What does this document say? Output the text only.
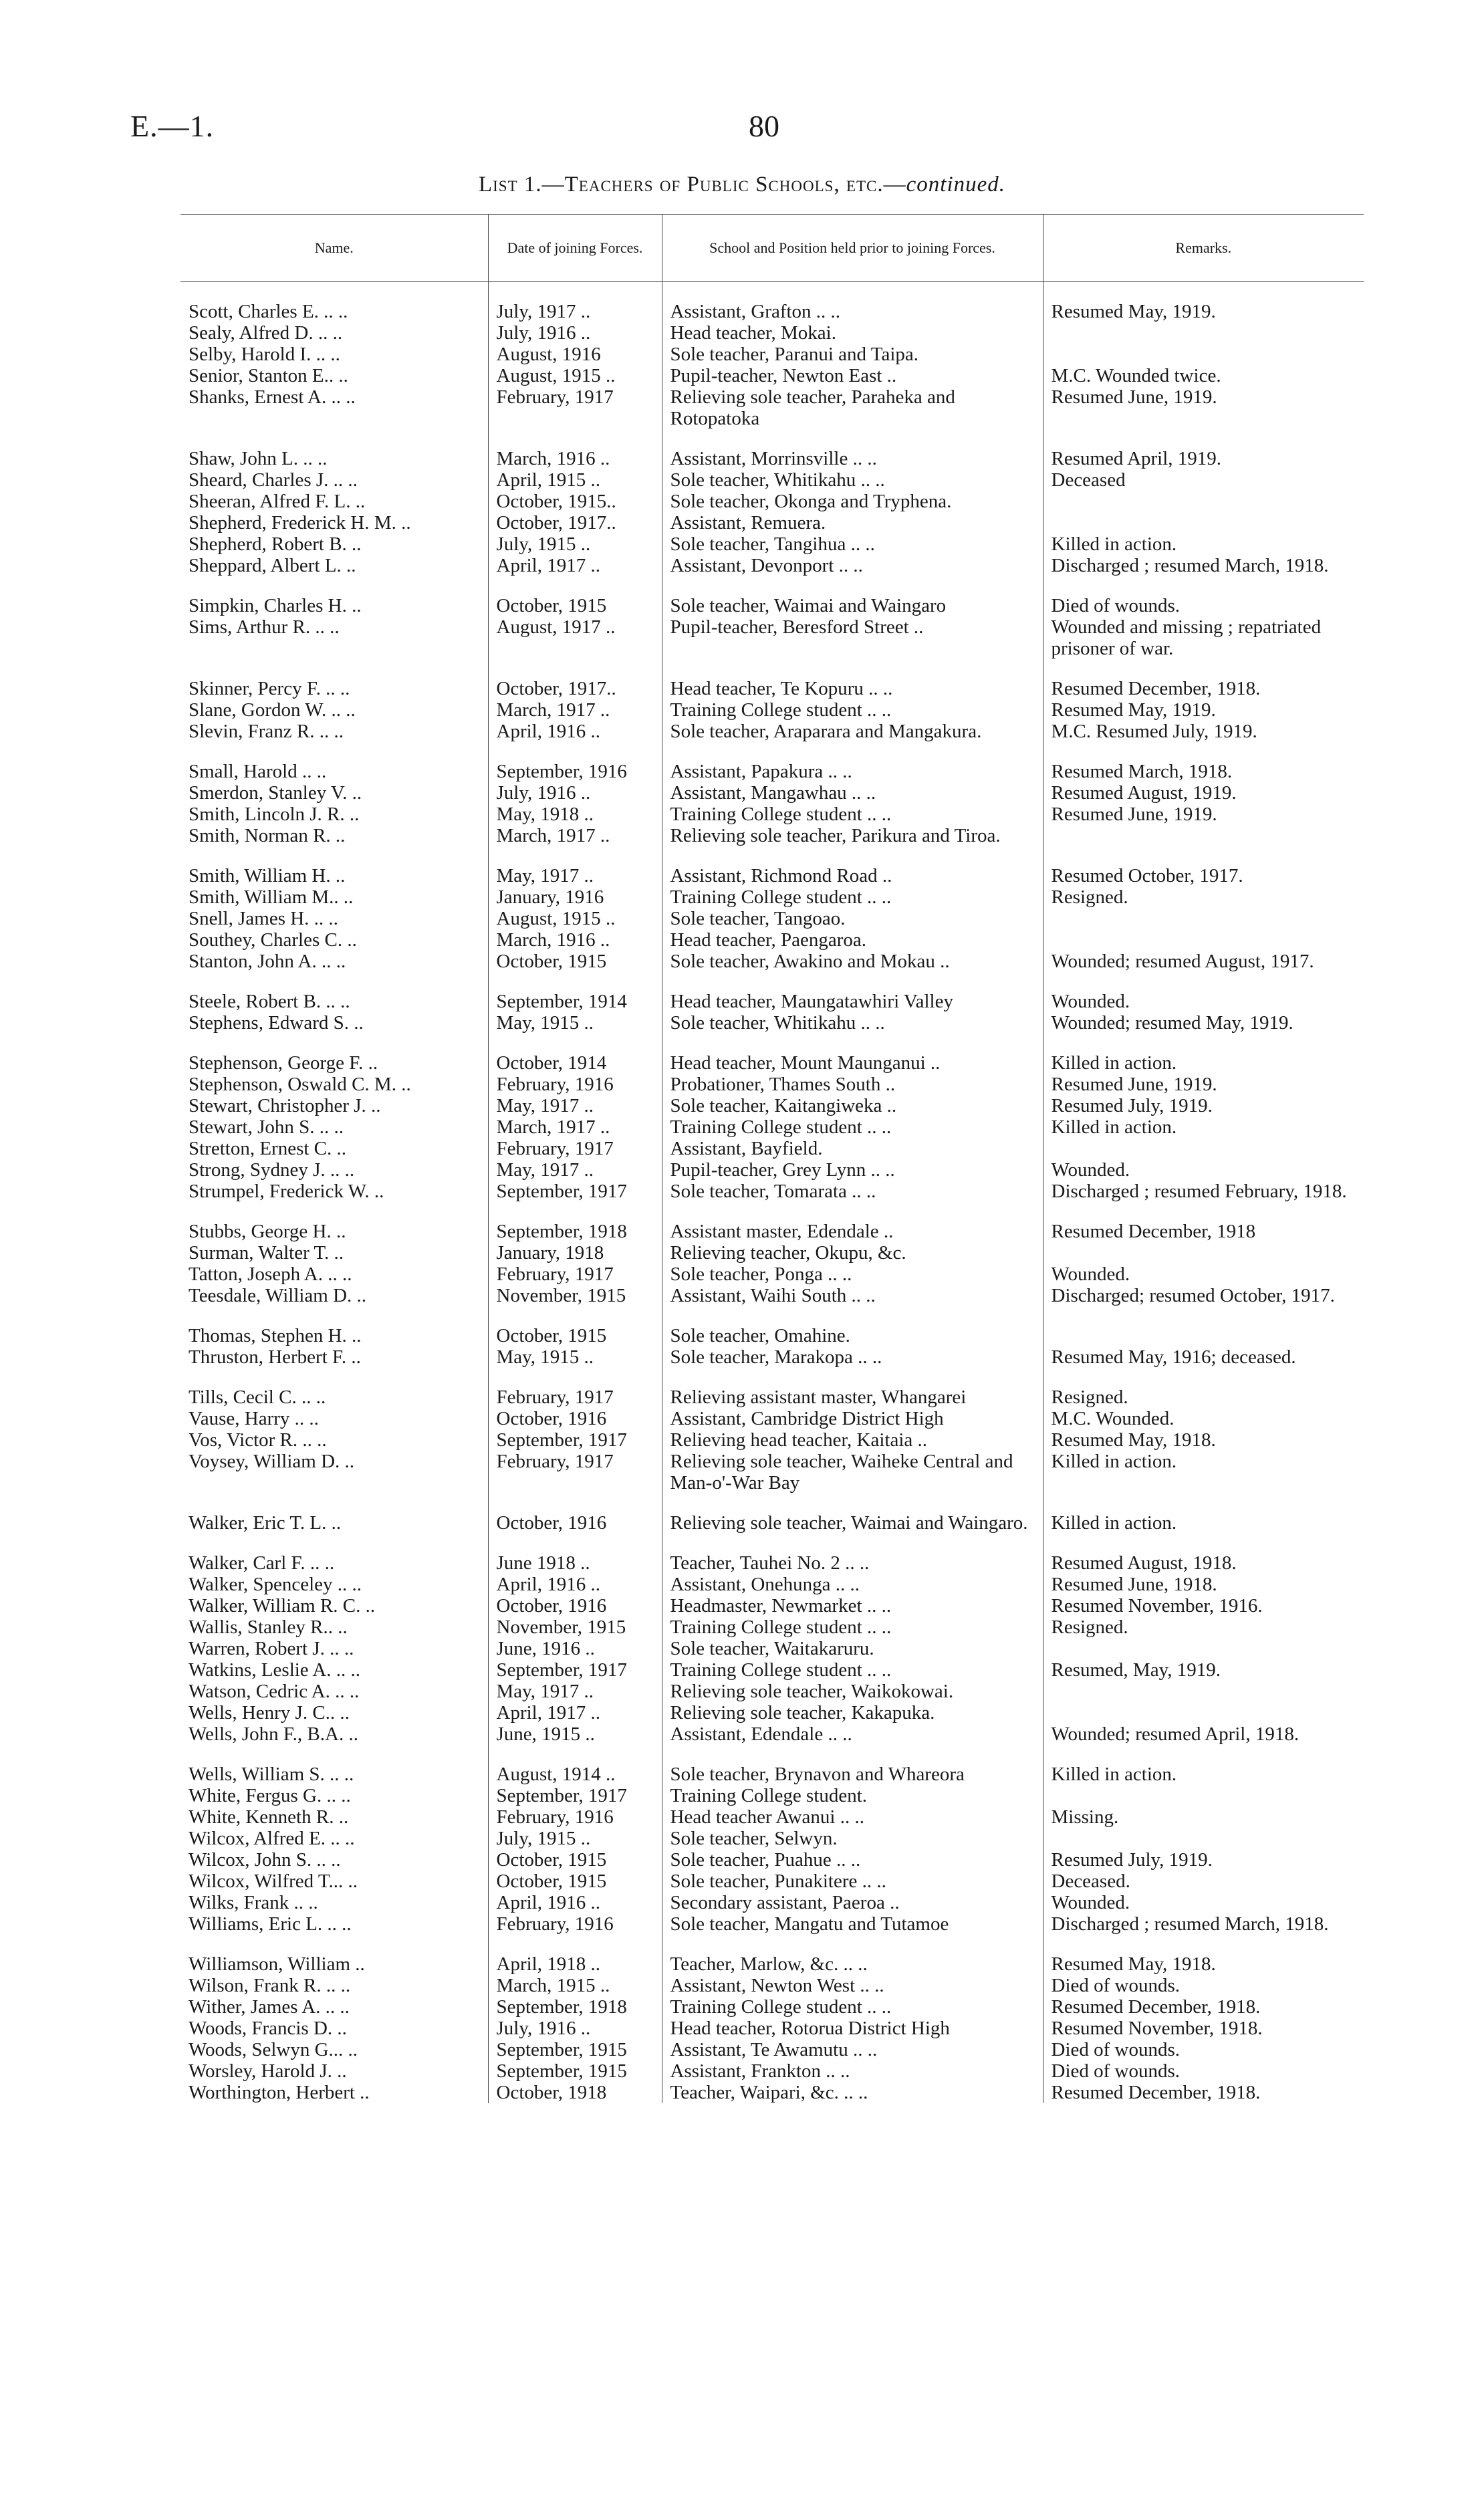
E.—1.	80
List 1.—Teachers of Public Schools, etc.—continued.
Name.	Date of joining Forces.	School and Position held prior to joining Forces.	Remarks.

Scott, Charles E. .. ..	July, 1917 ..	Assistant, Grafton .. ..	Resumed May, 1919.
Sealy, Alfred D. .. ..	July, 1916 ..	Head teacher, Mokai.	
Selby, Harold I. .. ..	August, 1916	Sole teacher, Paranui and Taipa.	
Senior, Stanton E.. ..	August, 1915 ..	Pupil-teacher, Newton East ..	M.C. Wounded twice.
Shanks, Ernest A. .. ..	February, 1917	Relieving sole teacher, Paraheka and Rotopatoka	Resumed June, 1919.
Shaw, John L. .. ..	March, 1916 ..	Assistant, Morrinsville .. ..	Resumed April, 1919.
Sheard, Charles J. .. ..	April, 1915 ..	Sole teacher, Whitikahu .. ..	Deceased
Sheeran, Alfred F. L. ..	October, 1915..	Sole teacher, Okonga and Tryphena.	
Shepherd, Frederick H. M. ..	October, 1917..	Assistant, Remuera.	
Shepherd, Robert B. ..	July, 1915 ..	Sole teacher, Tangihua .. ..	Killed in action.
Sheppard, Albert L. ..	April, 1917 ..	Assistant, Devonport .. ..	Discharged ; resumed March, 1918.
Simpkin, Charles H. ..	October, 1915	Sole teacher, Waimai and Waingaro	Died of wounds.
Sims, Arthur R. .. ..	August, 1917 ..	Pupil-teacher, Beresford Street ..	Wounded and missing ; repatriated prisoner of war.
Skinner, Percy F. .. ..	October, 1917..	Head teacher, Te Kopuru .. ..	Resumed December, 1918.
Slane, Gordon W. .. ..	March, 1917 ..	Training College student .. ..	Resumed May, 1919.
Slevin, Franz R. .. ..	April, 1916 ..	Sole teacher, Araparara and Mangakura.	M.C. Resumed July, 1919.
Small, Harold .. ..	September, 1916	Assistant, Papakura .. ..	Resumed March, 1918.
Smerdon, Stanley V. ..	July, 1916 ..	Assistant, Mangawhau .. ..	Resumed August, 1919.
Smith, Lincoln J. R. ..	May, 1918 ..	Training College student .. ..	Resumed June, 1919.
Smith, Norman R. ..	March, 1917 ..	Relieving sole teacher, Parikura and Tiroa.	
Smith, William H. ..	May, 1917 ..	Assistant, Richmond Road ..	Resumed October, 1917.
Smith, William M.. ..	January, 1916	Training College student .. ..	Resigned.
Snell, James H. .. ..	August, 1915 ..	Sole teacher, Tangoao.	
Southey, Charles C. ..	March, 1916 ..	Head teacher, Paengaroa.	
Stanton, John A. .. ..	October, 1915	Sole teacher, Awakino and Mokau ..	Wounded; resumed August, 1917.
Steele, Robert B. .. ..	September, 1914	Head teacher, Maungatawhiri Valley	Wounded.
Stephens, Edward S. ..	May, 1915 ..	Sole teacher, Whitikahu .. ..	Wounded; resumed May, 1919.
Stephenson, George F. ..	October, 1914	Head teacher, Mount Maunganui ..	Killed in action.
Stephenson, Oswald C. M. ..	February, 1916	Probationer, Thames South ..	Resumed June, 1919.
Stewart, Christopher J. ..	May, 1917 ..	Sole teacher, Kaitangiweka ..	Resumed July, 1919.
Stewart, John S. .. ..	March, 1917 ..	Training College student .. ..	Killed in action.
Stretton, Ernest C. ..	February, 1917	Assistant, Bayfield.	
Strong, Sydney J. .. ..	May, 1917 ..	Pupil-teacher, Grey Lynn .. ..	Wounded.
Strumpel, Frederick W. ..	September, 1917	Sole teacher, Tomarata .. ..	Discharged ; resumed February, 1918.
Stubbs, George H. ..	September, 1918	Assistant master, Edendale ..	Resumed December, 1918
Surman, Walter T. ..	January, 1918	Relieving teacher, Okupu, &c.	
Tatton, Joseph A. .. ..	February, 1917	Sole teacher, Ponga .. ..	Wounded.
Teesdale, William D. ..	November, 1915	Assistant, Waihi South .. ..	Discharged; resumed October, 1917.
Thomas, Stephen H. ..	October, 1915	Sole teacher, Omahine.	
Thruston, Herbert F. ..	May, 1915 ..	Sole teacher, Marakopa .. ..	Resumed May, 1916; deceased.
Tills, Cecil C. .. ..	February, 1917	Relieving assistant master, Whangarei	Resigned.
Vause, Harry .. ..	October, 1916	Assistant, Cambridge District High	M.C. Wounded.
Vos, Victor R. .. ..	September, 1917	Relieving head teacher, Kaitaia ..	Resumed May, 1918.
Voysey, William D. ..	February, 1917	Relieving sole teacher, Waiheke Central and Man-o'-War Bay	Killed in action.
Walker, Eric T. L. ..	October, 1916	Relieving sole teacher, Waimai and Waingaro.	Killed in action.
Walker, Carl F. .. ..	June 1918 ..	Teacher, Tauhei No. 2 .. ..	Resumed August, 1918.
Walker, Spenceley .. ..	April, 1916 ..	Assistant, Onehunga .. ..	Resumed June, 1918.
Walker, William R. C. ..	October, 1916	Headmaster, Newmarket .. ..	Resumed November, 1916.
Wallis, Stanley R.. ..	November, 1915	Training College student .. ..	Resigned.
Warren, Robert J. .. ..	June, 1916 ..	Sole teacher, Waitakaruru.	
Watkins, Leslie A. .. ..	September, 1917	Training College student .. ..	Resumed, May, 1919.
Watson, Cedric A. .. ..	May, 1917 ..	Relieving sole teacher, Waikokowai.	
Wells, Henry J. C.. ..	April, 1917 ..	Relieving sole teacher, Kakapuka.	
Wells, John F., B.A. ..	June, 1915 ..	Assistant, Edendale .. ..	Wounded; resumed April, 1918.
Wells, William S. .. ..	August, 1914 ..	Sole teacher, Brynavon and Whareora	Killed in action.
White, Fergus G. .. ..	September, 1917	Training College student.	
White, Kenneth R. ..	February, 1916	Head teacher Awanui .. ..	Missing.
Wilcox, Alfred E. .. ..	July, 1915 ..	Sole teacher, Selwyn.	
Wilcox, John S. .. ..	October, 1915	Sole teacher, Puahue .. ..	Resumed July, 1919.
Wilcox, Wilfred T... ..	October, 1915	Sole teacher, Punakitere .. ..	Deceased.
Wilks, Frank .. ..	April, 1916 ..	Secondary assistant, Paeroa ..	Wounded.
Williams, Eric L. .. ..	February, 1916	Sole teacher, Mangatu and Tutamoe	Discharged ; resumed March, 1918.
Williamson, William ..	April, 1918 ..	Teacher, Marlow, &c. .. ..	Resumed May, 1918.
Wilson, Frank R. .. ..	March, 1915 ..	Assistant, Newton West .. ..	Died of wounds.
Wither, James A. .. ..	September, 1918	Training College student .. ..	Resumed December, 1918.
Woods, Francis D. ..	July, 1916 ..	Head teacher, Rotorua District High	Resumed November, 1918.
Woods, Selwyn G... ..	September, 1915	Assistant, Te Awamutu .. ..	Died of wounds.
Worsley, Harold J. ..	September, 1915	Assistant, Frankton .. ..	Died of wounds.
Worthington, Herbert ..	October, 1918	Teacher, Waipari, &c. .. ..	Resumed December, 1918.
